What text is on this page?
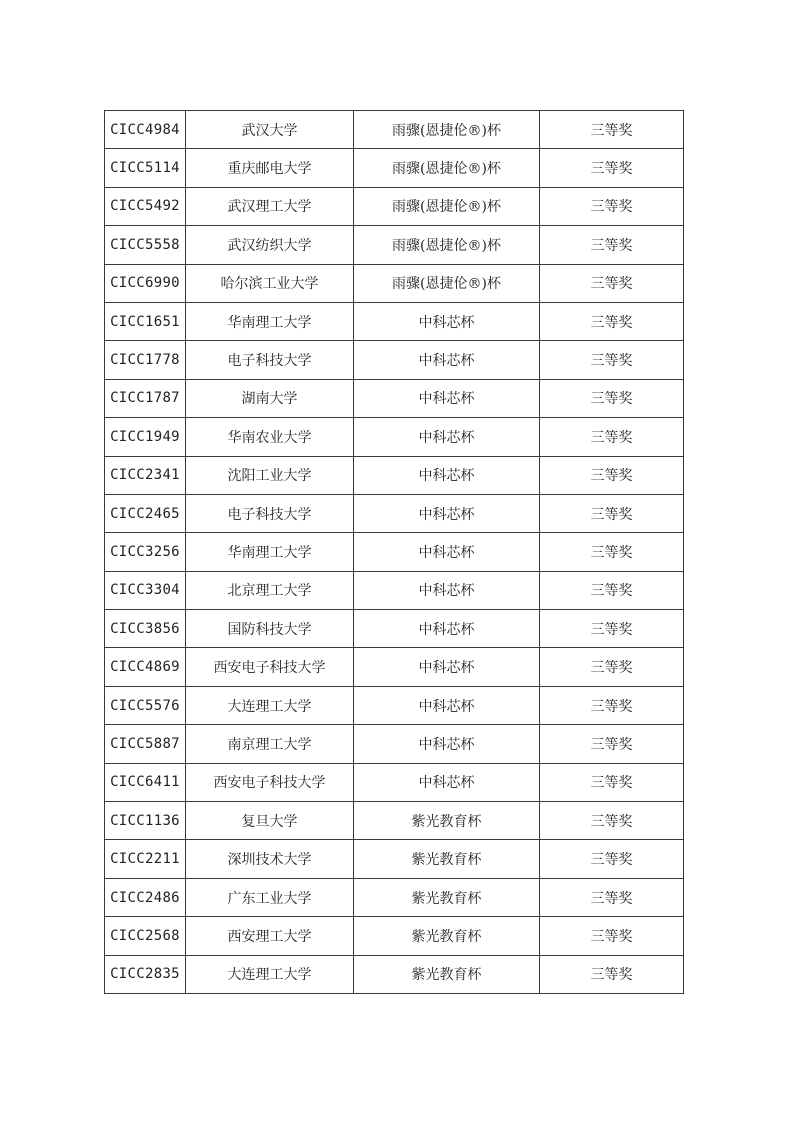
CICC4984	武汉大学	雨骤(恩捷伦®)杯	三等奖
CICC5114	重庆邮电大学	雨骤(恩捷伦®)杯	三等奖
CICC5492	武汉理工大学	雨骤(恩捷伦®)杯	三等奖
CICC5558	武汉纺织大学	雨骤(恩捷伦®)杯	三等奖
CICC6990	哈尔滨工业大学	雨骤(恩捷伦®)杯	三等奖
CICC1651	华南理工大学	中科芯杯	三等奖
CICC1778	电子科技大学	中科芯杯	三等奖
CICC1787	湖南大学	中科芯杯	三等奖
CICC1949	华南农业大学	中科芯杯	三等奖
CICC2341	沈阳工业大学	中科芯杯	三等奖
CICC2465	电子科技大学	中科芯杯	三等奖
CICC3256	华南理工大学	中科芯杯	三等奖
CICC3304	北京理工大学	中科芯杯	三等奖
CICC3856	国防科技大学	中科芯杯	三等奖
CICC4869	西安电子科技大学	中科芯杯	三等奖
CICC5576	大连理工大学	中科芯杯	三等奖
CICC5887	南京理工大学	中科芯杯	三等奖
CICC6411	西安电子科技大学	中科芯杯	三等奖
CICC1136	复旦大学	紫光教育杯	三等奖
CICC2211	深圳技术大学	紫光教育杯	三等奖
CICC2486	广东工业大学	紫光教育杯	三等奖
CICC2568	西安理工大学	紫光教育杯	三等奖
CICC2835	大连理工大学	紫光教育杯	三等奖
